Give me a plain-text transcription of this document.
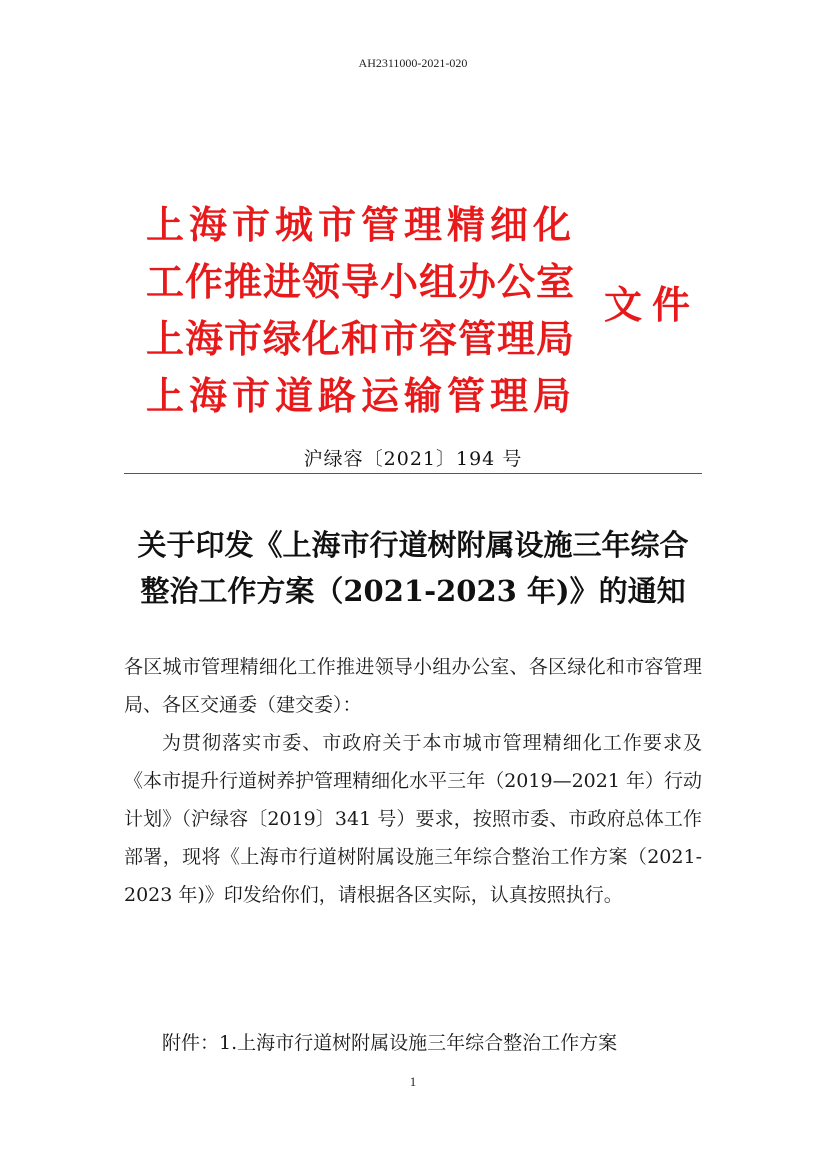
AH2311000-2021-020
上海市城市管理精细化
工作推进领导小组办公室
上海市绿化和市容管理局
上海市道路运输管理局
文件
沪绿容〔2021〕194 号
关于印发《上海市行道树附属设施三年综合
整治工作方案（2021-2023 年)》的通知

各区城市管理精细化工作推进领导小组办公室、各区绿化和市容管理局、各区交通委（建交委）：

为贯彻落实市委、市政府关于本市城市管理精细化工作要求及《本市提升行道树养护管理精细化水平三年（2019—2021 年）行动计划》（沪绿容〔2019〕341 号）要求，按照市委、市政府总体工作部署，现将《上海市行道树附属设施三年综合整治工作方案（2021-2023 年)》印发给你们，请根据各区实际，认真按照执行。

附件：1.上海市行道树附属设施三年综合整治工作方案
1
